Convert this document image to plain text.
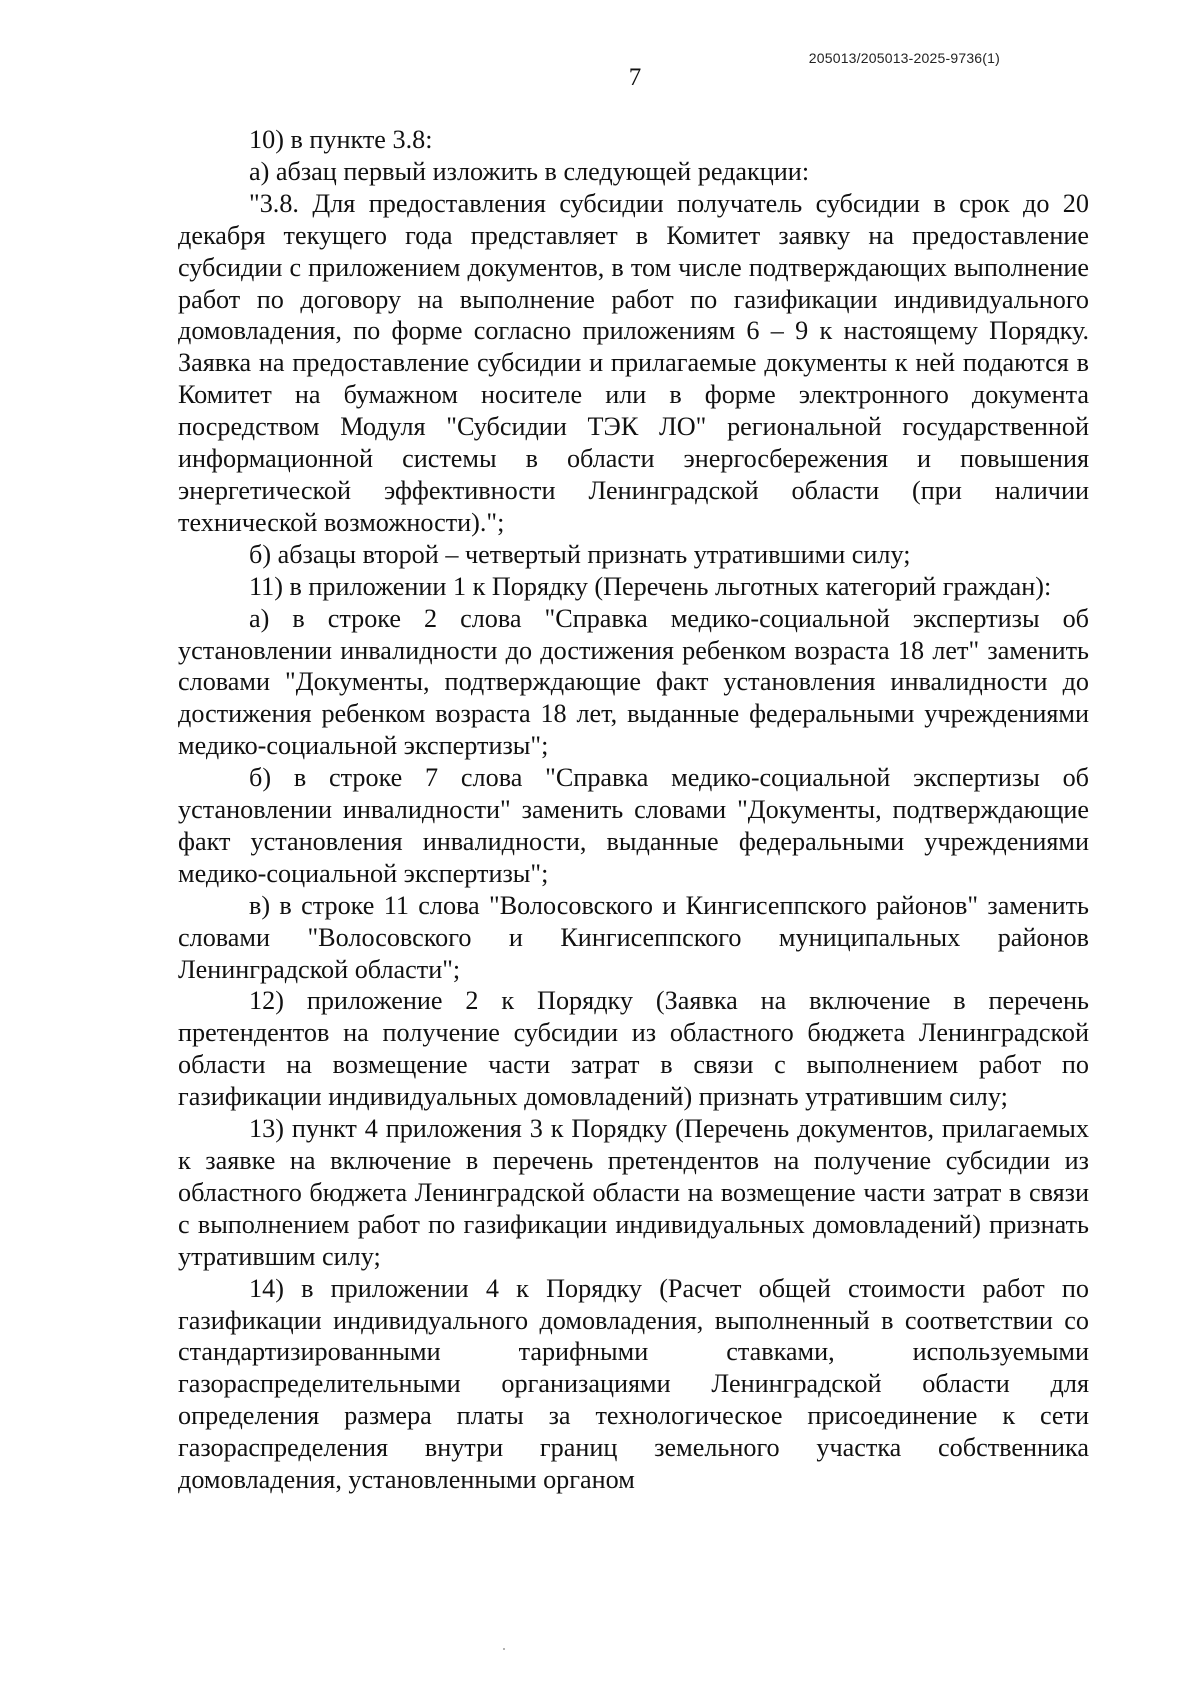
205013/205013-2025-9736(1)
7

10) в пункте 3.8:

а) абзац первый изложить в следующей редакции:

"3.8. Для предоставления субсидии получатель субсидии в срок до 20 декабря текущего года представляет в Комитет заявку на предоставление субсидии с приложением документов, в том числе подтверждающих выполнение работ по договору на выполнение работ по газификации индивидуального домовладения, по форме согласно приложениям 6 – 9 к настоящему Порядку. Заявка на предоставление субсидии и прилагаемые документы к ней подаются в Комитет на бумажном носителе или в форме электронного документа посредством Модуля "Субсидии ТЭК ЛО" региональной государственной информационной системы в области энергосбережения и повышения энергетической эффективности Ленинградской области (при наличии технической возможности).";

б) абзацы второй – четвертый признать утратившими силу;

11) в приложении 1 к Порядку (Перечень льготных категорий граждан):

а) в строке 2 слова "Справка медико-социальной экспертизы об установлении инвалидности до достижения ребенком возраста 18 лет" заменить словами "Документы, подтверждающие факт установления инвалидности до достижения ребенком возраста 18 лет, выданные федеральными учреждениями медико-социальной экспертизы";

б) в строке 7 слова "Справка медико-социальной экспертизы об установлении инвалидности" заменить словами "Документы, подтверждающие факт установления инвалидности, выданные федеральными учреждениями медико-социальной экспертизы";

в) в строке 11 слова "Волосовского и Кингисеппского районов" заменить словами "Волосовского и Кингисеппского муниципальных районов Ленинградской области";

12) приложение 2 к Порядку (Заявка на включение в перечень претендентов на получение субсидии из областного бюджета Ленинградской области на возмещение части затрат в связи с выполнением работ по газификации индивидуальных домовладений) признать утратившим силу;

13) пункт 4 приложения 3 к Порядку (Перечень документов, прилагаемых к заявке на включение в перечень претендентов на получение субсидии из областного бюджета Ленинградской области на возмещение части затрат в связи с выполнением работ по газификации индивидуальных домовладений) признать утратившим силу;

14) в приложении 4 к Порядку (Расчет общей стоимости работ по газификации индивидуального домовладения, выполненный в соответствии со стандартизированными тарифными ставками, используемыми газораспределительными организациями Ленинградской области для определения размера платы за технологическое присоединение к сети газораспределения внутри границ земельного участка собственника домовладения, установленными органом
